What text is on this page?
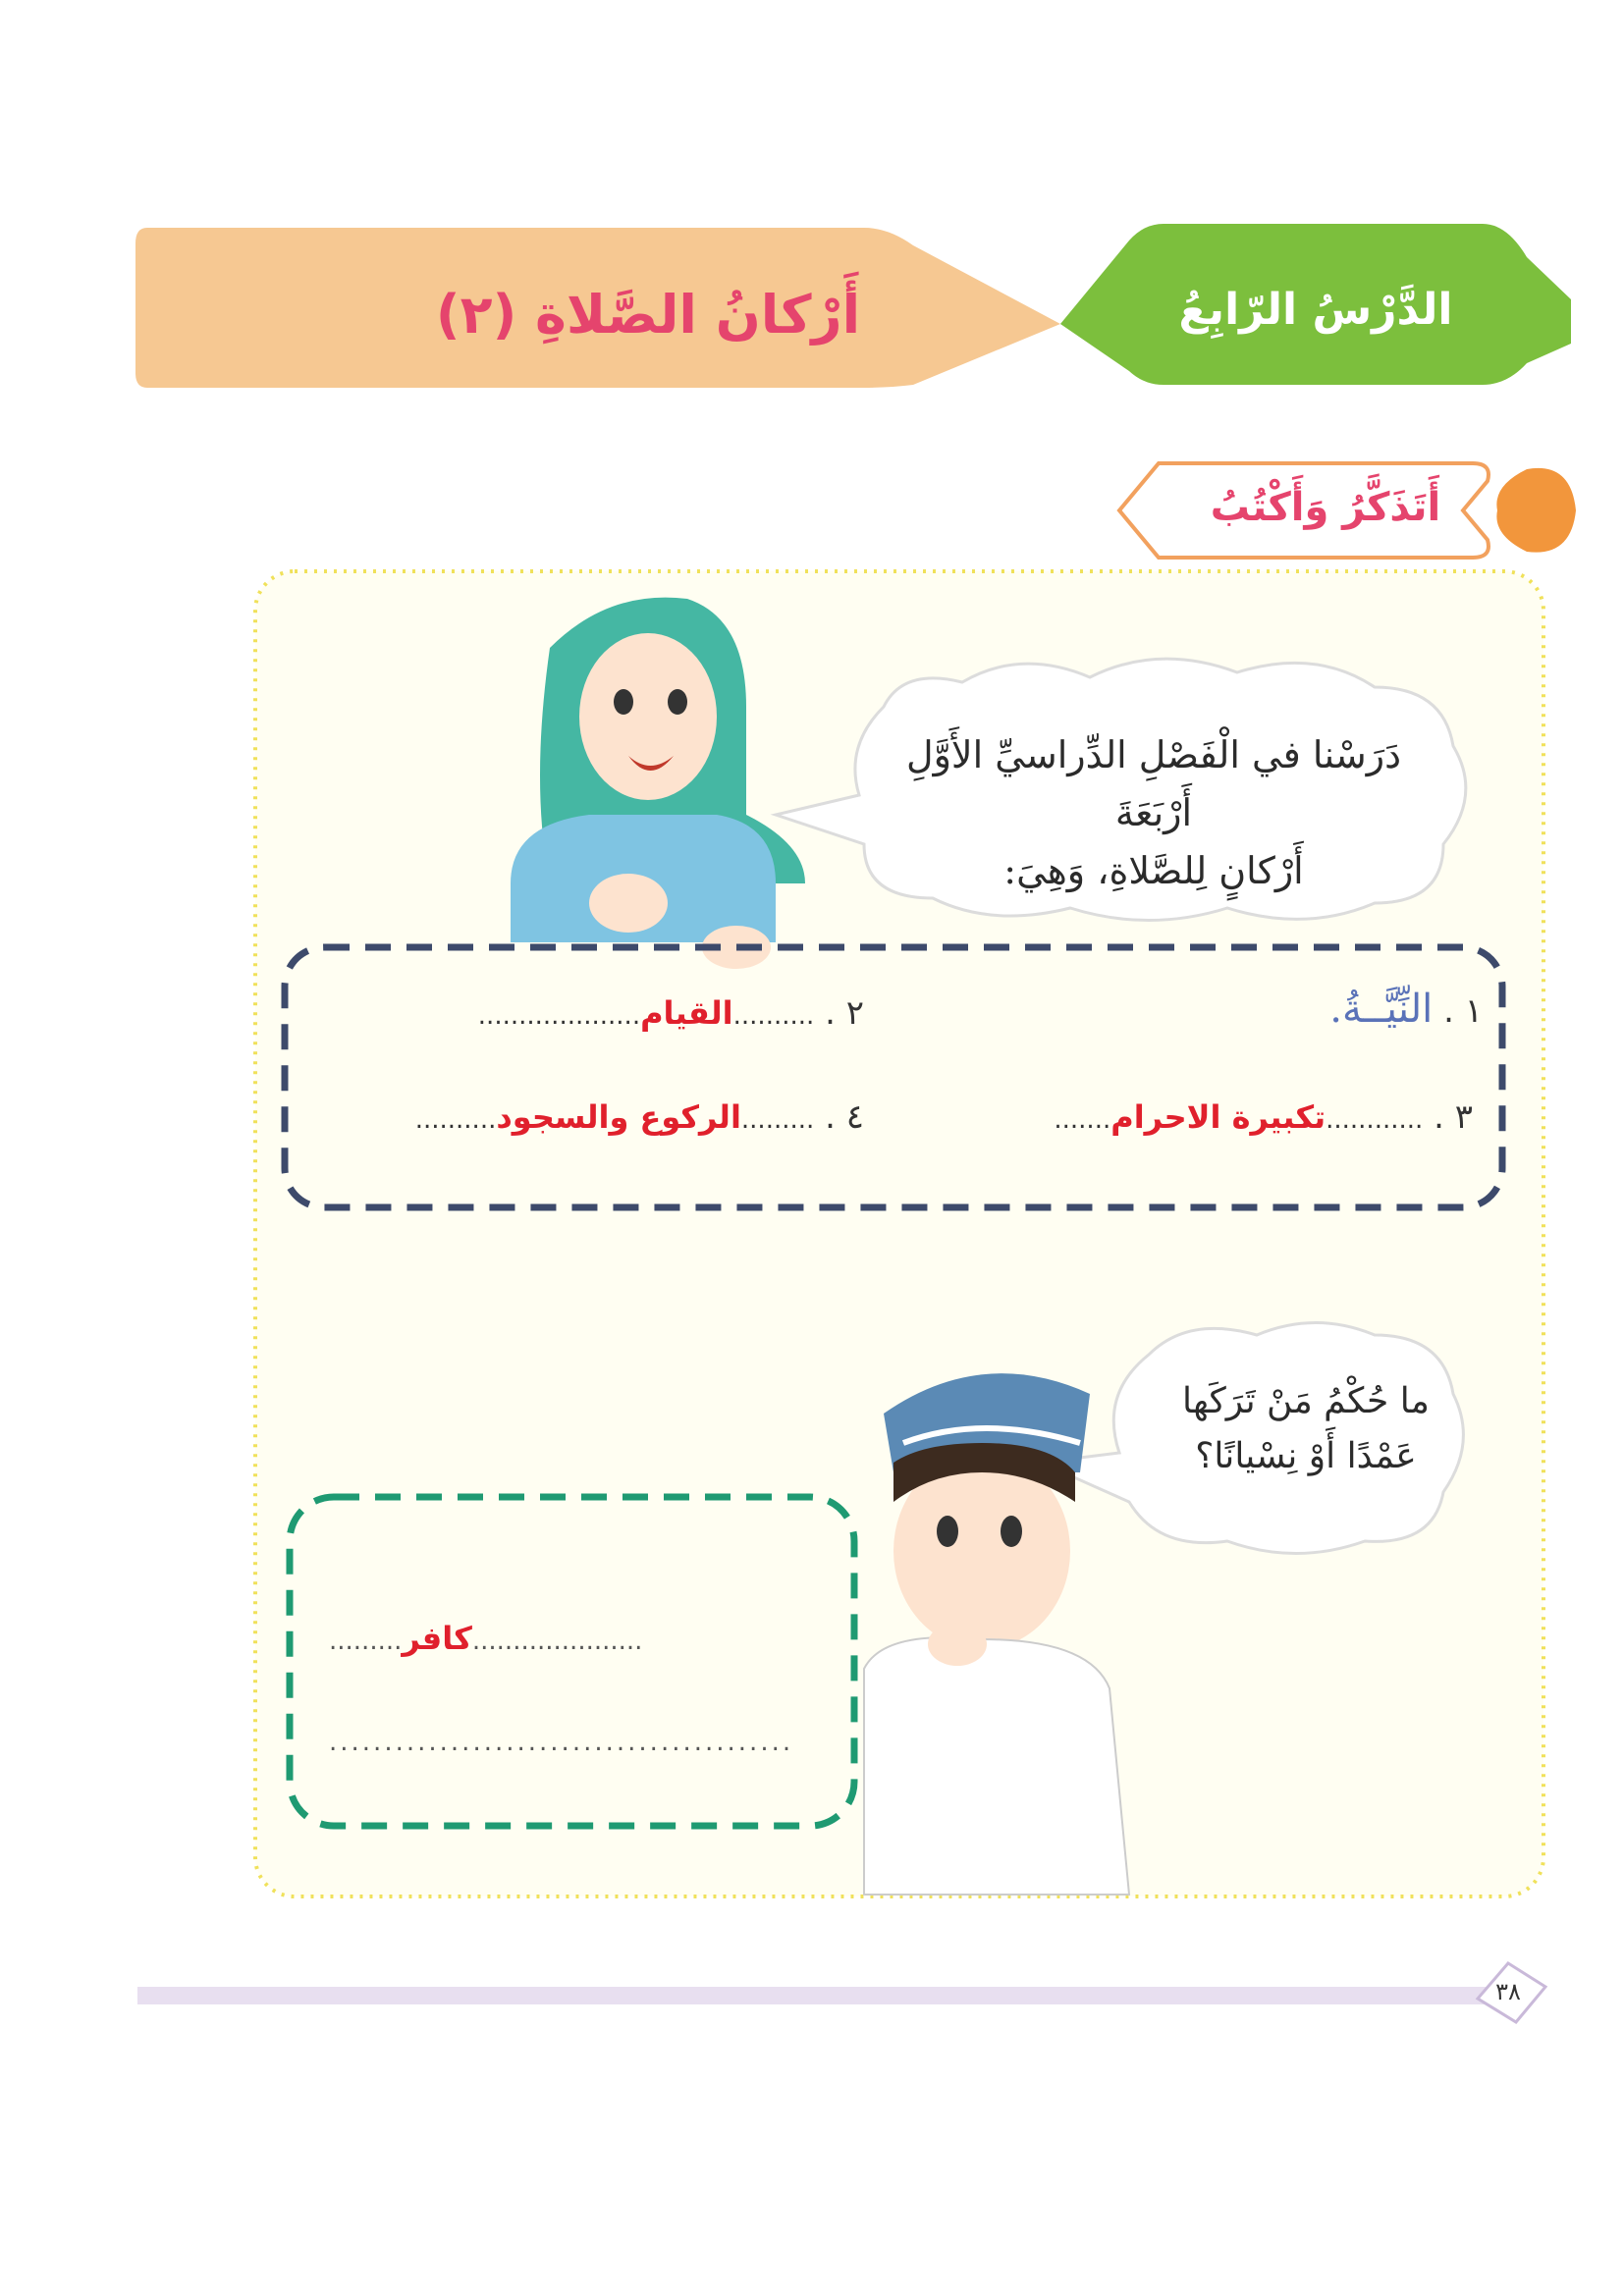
الدَّرْسُ الرّابِعُ
أَرْكانُ الصَّلاةِ (٢)
أَتَذَكَّرُ وَأَكْتُبُ
دَرَسْنا في الْفَصْلِ الدِّراسيِّ الأَوَّلِ أَرْبَعَةَ
أَرْكانٍ لِلصَّلاةِ، وَهِيَ:
١ . النِّيَّــةُ.
٢ . ..........القيام....................
٣ . ............تكبيرة الاحرام.......
٤ . .........الركوع والسجود..........
ما حُكْمُ مَنْ تَرَكَها
عَمْدًا أَوْ نِسْيانًا؟
.....................كافر.........
..........................................
٣٨
